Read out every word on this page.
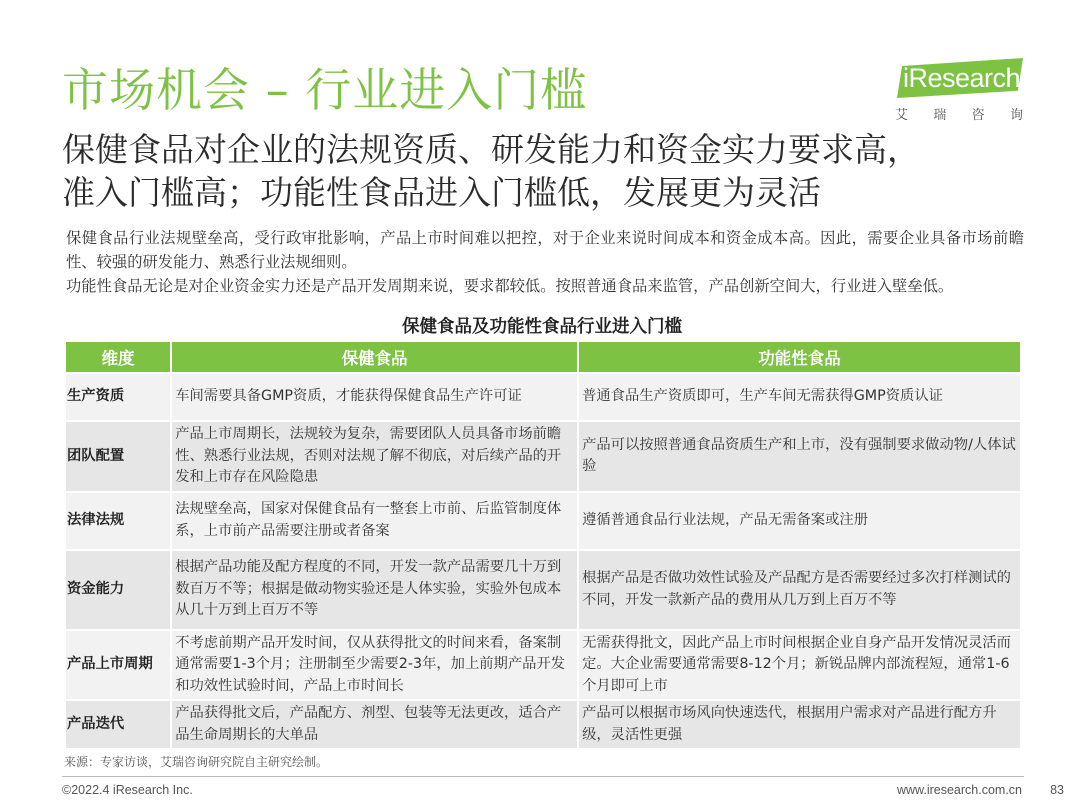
市场机会 – 行业进入门槛	iResearch
艾 瑞 咨 询
保健食品对企业的法规资质、研发能力和资金实力要求高，
准入门槛高；功能性食品进入门槛低，发展更为灵活

保健食品行业法规壁垒高，受行政审批影响，产品上市时间难以把控，对于企业来说时间成本和资金成本高。因此，需要企业具备市场前瞻性、较强的研发能力、熟悉行业法规细则。

功能性食品无论是对企业资金实力还是产品开发周期来说，要求都较低。按照普通食品来监管，产品创新空间大，行业进入壁垒低。

保健食品及功能性食品行业进入门槛
维度	保健食品	功能性食品
生产资质	车间需要具备GMP资质，才能获得保健食品生产许可证	普通食品生产资质即可，生产车间无需获得GMP资质认证
团队配置	产品上市周期长，法规较为复杂，需要团队人员具备市场前瞻性、熟悉行业法规，否则对法规了解不彻底，对后续产品的开发和上市存在风险隐患	产品可以按照普通食品资质生产和上市，没有强制要求做动物/人体试验
法律法规	法规壁垒高，国家对保健食品有一整套上市前、后监管制度体系，上市前产品需要注册或者备案	遵循普通食品行业法规，产品无需备案或注册
资金能力	根据产品功能及配方程度的不同，开发一款产品需要几十万到数百万不等；根据是做动物实验还是人体实验，实验外包成本从几十万到上百万不等	根据产品是否做功效性试验及产品配方是否需要经过多次打样测试的不同，开发一款新产品的费用从几万到上百万不等
产品上市周期	不考虑前期产品开发时间，仅从获得批文的时间来看，备案制通常需要1-3个月；注册制至少需要2-3年，加上前期产品开发和功效性试验时间，产品上市时间长	无需获得批文，因此产品上市时间根据企业自身产品开发情况灵活而定。大企业需要通常需要8-12个月；新锐品牌内部流程短，通常1-6个月即可上市
产品迭代	产品获得批文后，产品配方、剂型、包装等无法更改，适合产品生命周期长的大单品	产品可以根据市场风向快速迭代，根据用户需求对产品进行配方升级，灵活性更强
来源：专家访谈，艾瑞咨询研究院自主研究绘制。
©2022.4 iResearch Inc.	www.iresearch.com.cn 83
